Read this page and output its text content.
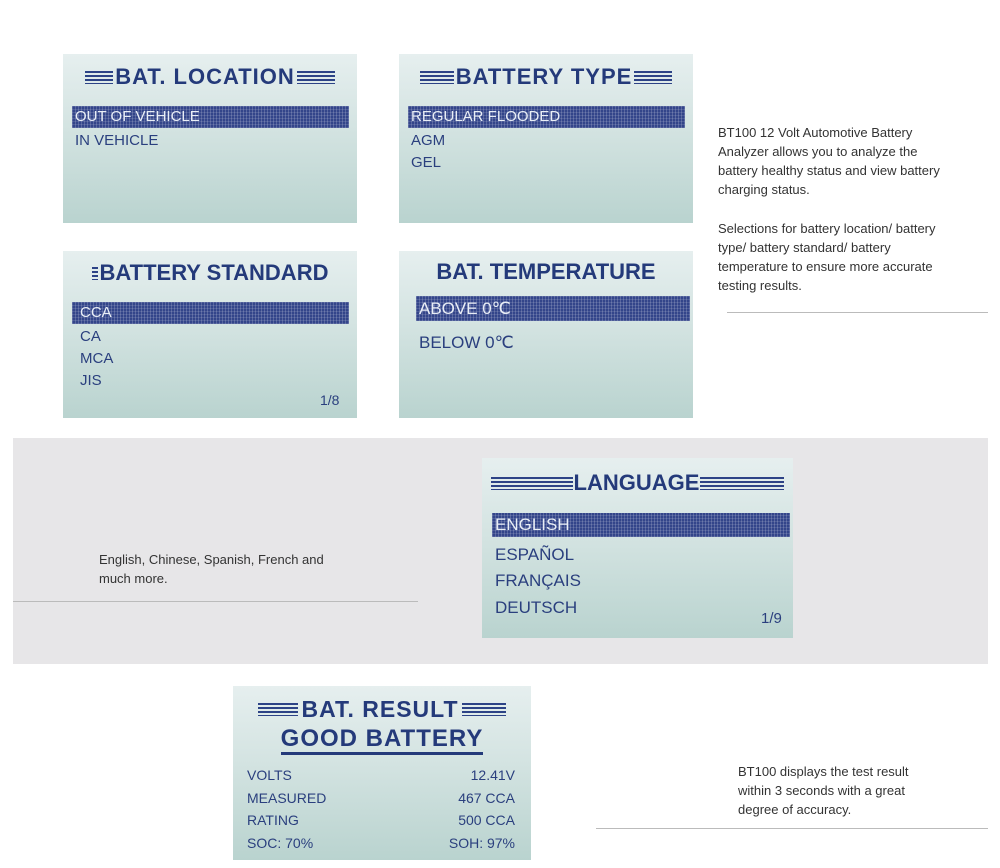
BAT. LOCATION
OUT OF VEHICLE
IN VEHICLE
BATTERY TYPE
REGULAR FLOODED
AGM
GEL
BATTERY STANDARD
CCA
CA
MCA
JIS
1/8
BAT. TEMPERATURE
ABOVE 0℃
BELOW 0℃
BT100 12 Volt Automotive Battery
Analyzer allows you to analyze the
battery healthy status and view battery
charging status.
Selections for battery location/ battery
type/ battery standard/ battery
temperature to ensure more accurate
testing results.
English, Chinese, Spanish, French and
much more.
LANGUAGE
ENGLISH
ESPAÑOL
FRANÇAIS
DEUTSCH
1/9
BAT. RESULT
GOOD BATTERY
VOLTS	12.41V
MEASURED	467 CCA
RATING	500 CCA
SOC: 70%	SOH: 97%
BT100 displays the test result
within 3 seconds with a great
degree of accuracy.
